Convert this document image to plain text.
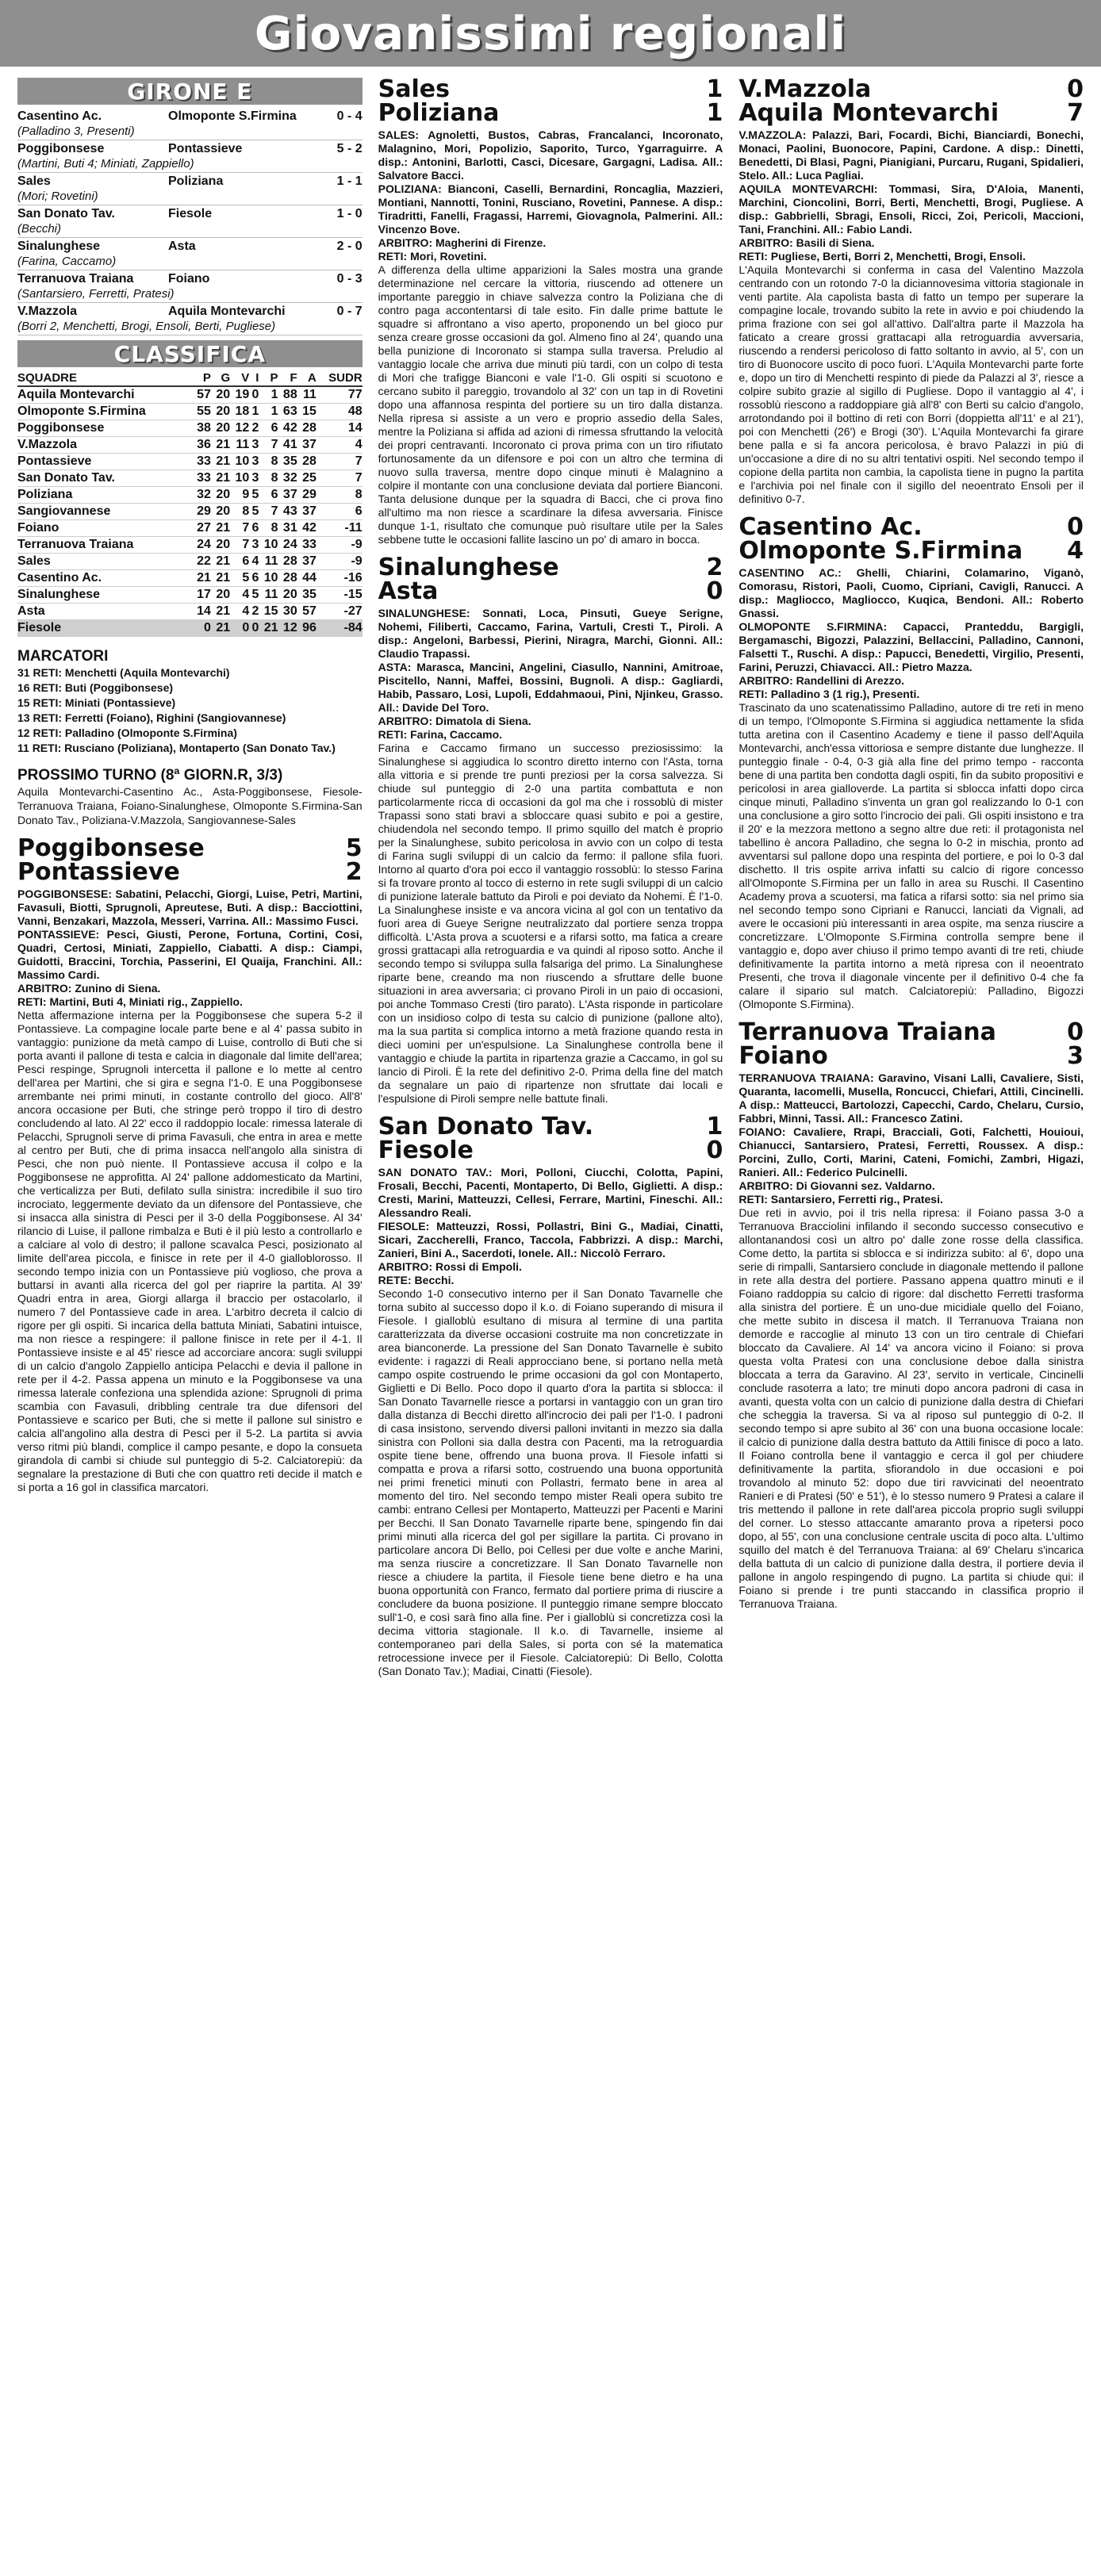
Giovanissimi regionali
GIRONE E
Casentino Ac.	Olmoponte S.Firmina	0 - 4
(Palladino 3, Presenti)
Poggibonsese	Pontassieve	5 - 2
(Martini, Buti 4; Miniati, Zappiello)
Sales	Poliziana	1 - 1
(Mori; Rovetini)
San Donato Tav.	Fiesole	1 - 0
(Becchi)
Sinalunghese	Asta	2 - 0
(Farina, Caccamo)
Terranuova Traiana	Foiano	0 - 3
(Santarsiero, Ferretti, Pratesi)
V.Mazzola	Aquila Montevarchi	0 - 7
(Borri 2, Menchetti, Brogi, Ensoli, Berti, Pugliese)
CLASSIFICA
SQUADRE	P	G	V	I	P	F	A	SUDR
Aquila Montevarchi	57	20	19	0	1	88	11	77
Olmoponte S.Firmina	55	20	18	1	1	63	15	48
Poggibonsese	38	20	12	2	6	42	28	14
V.Mazzola	36	21	11	3	7	41	37	4
Pontassieve	33	21	10	3	8	35	28	7
San Donato Tav.	33	21	10	3	8	32	25	7
Poliziana	32	20	9	5	6	37	29	8
Sangiovannese	29	20	8	5	7	43	37	6
Foiano	27	21	7	6	8	31	42	-11
Terranuova Traiana	24	20	7	3	10	24	33	-9
Sales	22	21	6	4	11	28	37	-9
Casentino Ac.	21	21	5	6	10	28	44	-16
Sinalunghese	17	20	4	5	11	20	35	-15
Asta	14	21	4	2	15	30	57	-27
Fiesole	0	21	0	0	21	12	96	-84
MARCATORI

31 RETI: Menchetti (Aquila Montevarchi)

16 RETI: Buti (Poggibonsese)

15 RETI: Miniati (Pontassieve)

13 RETI: Ferretti (Foiano), Righini (Sangiovannese)

12 RETI: Palladino (Olmoponte S.Firmina)

11 RETI: Rusciano (Poliziana), Montaperto (San Donato Tav.)

PROSSIMO TURNO (8ª GIORN.R, 3/3)

Aquila Montevarchi-Casentino Ac., Asta-Poggibonsese, Fiesole-Terranuova Traiana, Foiano-Sinalunghese, Olmoponte S.Firmina-San Donato Tav., Poliziana-V.Mazzola, Sangiovannese-Sales

Poggibonsese	5
Pontassieve	2

POGGIBONSESE: Sabatini, Pelacchi, Giorgi, Luise, Petri, Martini, Favasuli, Biotti, Sprugnoli, Apreutese, Buti. A disp.: Bacciottini, Vanni, Benzakari, Mazzola, Messeri, Varrina. All.: Massimo Fusci.

PONTASSIEVE: Pesci, Giusti, Perone, Fortuna, Cortini, Cosi, Quadri, Certosi, Miniati, Zappiello, Ciabatti. A disp.: Ciampi, Guidotti, Braccini, Torchia, Passerini, El Quaija, Franchini. All.: Massimo Cardi.

ARBITRO: Zunino di Siena.

RETI: Martini, Buti 4, Miniati rig., Zappiello.

Netta affermazione interna per la Poggibonsese che supera 5-2 il Pontassieve. La compagine locale parte bene e al 4' passa subito in vantaggio: punizione da metà campo di Luise, controllo di Buti che si porta avanti il pallone di testa e calcia in diagonale dal limite dell'area; Pesci respinge, Sprugnoli intercetta il pallone e lo mette al centro dell'area per Martini, che si gira e segna l'1-0. E una Poggibonsese arrembante nei primi minuti, in costante controllo del gioco. All'8' ancora occasione per Buti, che stringe però troppo il tiro di destro concludendo al lato. Al 22' ecco il raddoppio locale: rimessa laterale di Pelacchi, Sprugnoli serve di prima Favasuli, che entra in area e mette al centro per Buti, che di prima insacca nell'angolo alla sinistra di Pesci, che non può niente. Il Pontassieve accusa il colpo e la Poggibonsese ne approfitta. Al 24' pallone addomesticato da Martini, che verticalizza per Buti, defilato sulla sinistra: incredibile il suo tiro incrociato, leggermente deviato da un difensore del Pontassieve, che si insacca alla sinistra di Pesci per il 3-0 della Poggibonsese. Al 34' rilancio di Luise, il pallone rimbalza e Buti è il più lesto a controllarlo e a calciare al volo di destro; il pallone scavalca Pesci, posizionato al limite dell'area piccola, e finisce in rete per il 4-0 gialloblorosso. Il secondo tempo inizia con un Pontassieve più voglioso, che prova a buttarsi in avanti alla ricerca del gol per riaprire la partita. Al 39' Quadri entra in area, Giorgi allarga il braccio per ostacolarlo, il numero 7 del Pontassieve cade in area. L'arbitro decreta il calcio di rigore per gli ospiti. Si incarica della battuta Miniati, Sabatini intuisce, ma non riesce a respingere: il pallone finisce in rete per il 4-1. Il Pontassieve insiste e al 45' riesce ad accorciare ancora: sugli sviluppi di un calcio d'angolo Zappiello anticipa Pelacchi e devia il pallone in rete per il 4-2. Passa appena un minuto e la Poggibonsese va una rimessa laterale confeziona una splendida azione: Sprugnoli di prima scambia con Favasuli, dribbling centrale tra due difensori del Pontassieve e scarico per Buti, che si mette il pallone sul sinistro e calcia all'angolino alla destra di Pesci per il 5-2. La partita si avvia verso ritmi più blandi, complice il campo pesante, e dopo la consueta girandola di cambi si chiude sul punteggio di 5-2. Calciatorepiù: da segnalare la prestazione di Buti che con quattro reti decide il match e si porta a 16 gol in classifica marcatori.

Sales	1
Poliziana	1

SALES: Agnoletti, Bustos, Cabras, Francalanci, Incoronato, Malagnino, Mori, Popolizio, Saporito, Turco, Ygarraguirre. A disp.: Antonini, Barlotti, Casci, Dicesare, Gargagni, Ladisa. All.: Salvatore Bacci.

POLIZIANA: Bianconi, Caselli, Bernardini, Roncaglia, Mazzieri, Montiani, Nannotti, Tonini, Rusciano, Rovetini, Pannese. A disp.: Tiradritti, Fanelli, Fragassi, Harremi, Giovagnola, Palmerini. All.: Vincenzo Bove.

ARBITRO: Magherini di Firenze.

RETI: Mori, Rovetini.

A differenza della ultime apparizioni la Sales mostra una grande determinazione nel cercare la vittoria, riuscendo ad ottenere un importante pareggio in chiave salvezza contro la Poliziana che di contro paga accontentarsi di tale esito. Fin dalle prime battute le squadre si affrontano a viso aperto, proponendo un bel gioco pur senza creare grosse occasioni da gol. Almeno fino al 24', quando una bella punizione di Incoronato si stampa sulla traversa. Preludio al vantaggio locale che arriva due minuti più tardi, con un colpo di testa di Mori che trafigge Bianconi e vale l'1-0. Gli ospiti si scuotono e cercano subito il pareggio, trovandolo al 32' con un tap in di Rovetini dopo una affannosa respinta del portiere su un tiro dalla distanza. Nella ripresa si assiste a un vero e proprio assedio della Sales, mentre la Poliziana si affida ad azioni di rimessa sfruttando la velocità dei propri centravanti. Incoronato ci prova prima con un tiro rifiutato fortunosamente da un difensore e poi con un altro che termina di nuovo sulla traversa, mentre dopo cinque minuti è Malagnino a colpire il montante con una conclusione deviata dal portiere Bianconi. Tanta delusione dunque per la squadra di Bacci, che ci prova fino all'ultimo ma non riesce a scardinare la difesa avversaria. Finisce dunque 1-1, risultato che comunque può risultare utile per la Sales sebbene tutte le occasioni fallite lascino un po' di amaro in bocca.

Sinalunghese	2
Asta	0

SINALUNGHESE: Sonnati, Loca, Pinsuti, Gueye Serigne, Nohemi, Filiberti, Caccamo, Farina, Vartuli, Cresti T., Piroli. A disp.: Angeloni, Barbessi, Pierini, Niragra, Marchi, Gionni. All.: Claudio Trapassi.

ASTA: Marasca, Mancini, Angelini, Ciasullo, Nannini, Amitroae, Piscitello, Nanni, Maffei, Bossini, Bugnoli. A disp.: Gagliardi, Habib, Passaro, Losi, Lupoli, Eddahmaoui, Pini, Njinkeu, Grasso. All.: Davide Del Toro.

ARBITRO: Dimatola di Siena.

RETI: Farina, Caccamo.

Farina e Caccamo firmano un successo preziosissimo: la Sinalunghese si aggiudica lo scontro diretto interno con l'Asta, torna alla vittoria e si prende tre punti preziosi per la corsa salvezza. Si chiude sul punteggio di 2-0 una partita combattuta e non particolarmente ricca di occasioni da gol ma che i rossoblù di mister Trapassi sono stati bravi a sbloccare quasi subito e poi a gestire, chiudendola nel secondo tempo. Il primo squillo del match è proprio per la Sinalunghese, subito pericolosa in avvio con un colpo di testa di Farina sugli sviluppi di un calcio da fermo: il pallone sfila fuori. Intorno al quarto d'ora poi ecco il vantaggio rossoblù: lo stesso Farina si fa trovare pronto al tocco di esterno in rete sugli sviluppi di un calcio di punizione laterale battuto da Piroli e poi deviato da Nohemi. È l'1-0. La Sinalunghese insiste e va ancora vicina al gol con un tentativo da fuori area di Gueye Serigne neutralizzato dal portiere senza troppa difficoltà. L'Asta prova a scuotersi e a rifarsi sotto, ma fatica a creare grossi grattacapi alla retroguardia e va quindi al riposo sotto. Anche il secondo tempo si sviluppa sulla falsariga del primo. La Sinalunghese riparte bene, creando ma non riuscendo a sfruttare delle buone situazioni in area avversaria; ci provano Piroli in un paio di occasioni, poi anche Tommaso Cresti (tiro parato). L'Asta risponde in particolare con un insidioso colpo di testa su calcio di punizione (pallone alto), ma la sua partita si complica intorno a metà frazione quando resta in dieci uomini per un'espulsione. La Sinalunghese controlla bene il vantaggio e chiude la partita in ripartenza grazie a Caccamo, in gol su lancio di Piroli. È la rete del definitivo 2-0. Prima della fine del match da segnalare un paio di ripartenze non sfruttate dai locali e l'espulsione di Piroli sempre nelle battute finali.

San Donato Tav.	1
Fiesole	0

SAN DONATO TAV.: Mori, Polloni, Ciucchi, Colotta, Papini, Frosali, Becchi, Pacenti, Montaperto, Di Bello, Giglietti. A disp.: Cresti, Marini, Matteuzzi, Cellesi, Ferrare, Martini, Fineschi. All.: Alessandro Reali.

FIESOLE: Matteuzzi, Rossi, Pollastri, Bini G., Madiai, Cinatti, Sicari, Zaccherelli, Franco, Taccola, Fabbrizzi. A disp.: Marchi, Zanieri, Bini A., Sacerdoti, Ionele. All.: Niccolò Ferraro.

ARBITRO: Rossi di Empoli.

RETE: Becchi.

Secondo 1-0 consecutivo interno per il San Donato Tavarnelle che torna subito al successo dopo il k.o. di Foiano superando di misura il Fiesole. I gialloblù esultano di misura al termine di una partita caratterizzata da diverse occasioni costruite ma non concretizzate in area bianconerde. La pressione del San Donato Tavarnelle è subito evidente: i ragazzi di Reali approcciano bene, si portano nella metà campo ospite costruendo le prime occasioni da gol con Montaperto, Giglietti e Di Bello. Poco dopo il quarto d'ora la partita si sblocca: il San Donato Tavarnelle riesce a portarsi in vantaggio con un gran tiro dalla distanza di Becchi diretto all'incrocio dei pali per l'1-0. I padroni di casa insistono, servendo diversi palloni invitanti in mezzo sia dalla sinistra con Polloni sia dalla destra con Pacenti, ma la retroguardia ospite tiene bene, offrendo una buona prova. Il Fiesole infatti si compatta e prova a rifarsi sotto, costruendo una buona opportunità nei primi frenetici minuti con Pollastri, fermato bene in area al momento del tiro. Nel secondo tempo mister Reali opera subito tre cambi: entrano Cellesi per Montaperto, Matteuzzi per Pacenti e Marini per Becchi. Il San Donato Tavarnelle riparte bene, spingendo fin dai primi minuti alla ricerca del gol per sigillare la partita. Ci provano in particolare ancora Di Bello, poi Cellesi per due volte e anche Marini, ma senza riuscire a concretizzare. Il San Donato Tavarnelle non riesce a chiudere la partita, il Fiesole tiene bene dietro e ha una buona opportunità con Franco, fermato dal portiere prima di riuscire a concludere da buona posizione. Il punteggio rimane sempre bloccato sull'1-0, e così sarà fino alla fine. Per i gialloblù si concretizza così la decima vittoria stagionale. Il k.o. di Tavarnelle, insieme al contemporaneo pari della Sales, si porta con sé la matematica retrocessione invece per il Fiesole. Calciatorepiù: Di Bello, Colotta (San Donato Tav.); Madiai, Cinatti (Fiesole).

V.Mazzola	0
Aquila Montevarchi	7

V.MAZZOLA: Palazzi, Bari, Focardi, Bichi, Bianciardi, Bonechi, Monaci, Paolini, Buonocore, Papini, Cardone. A disp.: Dinetti, Benedetti, Di Blasi, Pagni, Pianigiani, Purcaru, Rugani, Spidalieri, Stelo. All.: Luca Pagliai.

AQUILA MONTEVARCHI: Tommasi, Sira, D'Aloia, Manenti, Marchini, Cioncolini, Borri, Berti, Menchetti, Brogi, Pugliese. A disp.: Gabbrielli, Sbragi, Ensoli, Ricci, Zoi, Pericoli, Maccioni, Tani, Franchini. All.: Fabio Landi.

ARBITRO: Basili di Siena.

RETI: Pugliese, Berti, Borri 2, Menchetti, Brogi, Ensoli.

L'Aquila Montevarchi si conferma in casa del Valentino Mazzola centrando con un rotondo 7-0 la diciannovesima vittoria stagionale in venti partite. Ala capolista basta di fatto un tempo per superare la compagine locale, trovando subito la rete in avvio e poi chiudendo la prima frazione con sei gol all'attivo. Dall'altra parte il Mazzola ha faticato a creare grossi grattacapi alla retroguardia avversaria, riuscendo a rendersi pericoloso di fatto soltanto in avvio, al 5', con un tiro di Buonocore uscito di poco fuori. L'Aquila Montevarchi parte forte e, dopo un tiro di Menchetti respinto di piede da Palazzi al 3', riesce a colpire subito grazie al sigillo di Pugliese. Dopo il vantaggio al 4', i rossoblù riescono a raddoppiare già all'8' con Berti su calcio d'angolo, arrotondando poi il bottino di reti con Borri (doppietta all'11' e al 21'), poi con Menchetti (26') e Brogi (30'). L'Aquila Montevarchi fa girare bene palla e si fa ancora pericolosa, è bravo Palazzi in più di un'occasione a dire di no su altri tentativi ospiti. Nel secondo tempo il copione della partita non cambia, la capolista tiene in pugno la partita e l'archivia poi nel finale con il sigillo del neoentrato Ensoli per il definitivo 0-7.

Casentino Ac.	0
Olmoponte S.Firmina 4

CASENTINO AC.: Ghelli, Chiarini, Colamarino, Viganò, Comorasu, Ristori, Paoli, Cuomo, Cipriani, Cavigli, Ranucci. A disp.: Magliocco, Magliocco, Kuqica, Bendoni. All.: Roberto Gnassi.

OLMOPONTE S.FIRMINA: Capacci, Pranteddu, Bargigli, Bergamaschi, Bigozzi, Palazzini, Bellaccini, Palladino, Cannoni, Falsetti T., Ruschi. A disp.: Papucci, Benedetti, Virgilio, Presenti, Farini, Peruzzi, Chiavacci. All.: Pietro Mazza.

ARBITRO: Randellini di Arezzo.

RETI: Palladino 3 (1 rig.), Presenti.

Trascinato da uno scatenatissimo Palladino, autore di tre reti in meno di un tempo, l'Olmoponte S.Firmina si aggiudica nettamente la sfida tutta aretina con il Casentino Academy e tiene il passo dell'Aquila Montevarchi, anch'essa vittoriosa e sempre distante due lunghezze. Il punteggio finale - 0-4, 0-3 già alla fine del primo tempo - racconta bene di una partita ben condotta dagli ospiti, fin da subito propositivi e pericolosi in area gialloverde. La partita si sblocca infatti dopo circa cinque minuti, Palladino s'inventa un gran gol realizzando lo 0-1 con una conclusione a giro sotto l'incrocio dei pali. Gli ospiti insistono e tra il 20' e la mezzora mettono a segno altre due reti: il protagonista nel tabellino è ancora Palladino, che segna lo 0-2 in mischia, pronto ad avventarsi sul pallone dopo una respinta del portiere, e poi lo 0-3 dal dischetto. Il tris ospite arriva infatti su calcio di rigore concesso all'Olmoponte S.Firmina per un fallo in area su Ruschi. Il Casentino Academy prova a scuotersi, ma fatica a rifarsi sotto: sia nel primo sia nel secondo tempo sono Cipriani e Ranucci, lanciati da Vignali, ad avere le occasioni più interessanti in area ospite, ma senza riuscire a concretizzare. L'Olmoponte S.Firmina controlla sempre bene il vantaggio e, dopo aver chiuso il primo tempo avanti di tre reti, chiude definitivamente la partita intorno a metà ripresa con il neoentrato Presenti, che trova il diagonale vincente per il definitivo 0-4 che fa calare il sipario sul match. Calciatorepiù: Palladino, Bigozzi (Olmoponte S.Firmina).

Terranuova Traiana	0
Foiano	3

TERRANUOVA TRAIANA: Garavino, Visani Lalli, Cavaliere, Sisti, Quaranta, Iacomelli, Musella, Roncucci, Chiefari, Attili, Cincinelli. A disp.: Matteucci, Bartolozzi, Capecchi, Cardo, Chelaru, Cursio, Fabbri, Minni, Tassi. All.: Francesco Zatini.

FOIANO: Cavaliere, Rrapi, Bracciali, Goti, Falchetti, Houioui, Chianucci, Santarsiero, Pratesi, Ferretti, Roussex. A disp.: Porcini, Zullo, Corti, Marini, Cateni, Fomichi, Zambri, Higazi, Ranieri. All.: Federico Pulcinelli.

ARBITRO: Di Giovanni sez. Valdarno.

RETI: Santarsiero, Ferretti rig., Pratesi.

Due reti in avvio, poi il tris nella ripresa: il Foiano passa 3-0 a Terranuova Bracciolini infilando il secondo successo consecutivo e allontanandosi così un altro po' dalle zone rosse della classifica. Come detto, la partita si sblocca e si indirizza subito: al 6', dopo una serie di rimpalli, Santarsiero conclude in diagonale mettendo il pallone in rete alla destra del portiere. Passano appena quattro minuti e il Foiano raddoppia su calcio di rigore: dal dischetto Ferretti trasforma alla sinistra del portiere. È un uno-due micidiale quello del Foiano, che mette subito in discesa il match. Il Terranuova Traiana non demorde e raccoglie al minuto 13 con un tiro centrale di Chiefari bloccato da Cavaliere. Al 14' va ancora vicino il Foiano: si prova questa volta Pratesi con una conclusione deboe dalla sinistra bloccata a terra da Garavino. Al 23', servito in verticale, Cincinelli conclude rasoterra a lato; tre minuti dopo ancora padroni di casa in avanti, questa volta con un calcio di punizione dalla destra di Chiefari che scheggia la traversa. Si va al riposo sul punteggio di 0-2. Il secondo tempo si apre subito al 36' con una buona occasione locale: il calcio di punizione dalla destra battuto da Attili finisce di poco a lato. Il Foiano controlla bene il vantaggio e cerca il gol per chiudere definitivamente la partita, sfiorandolo in due occasioni e poi trovandolo al minuto 52: dopo due tiri ravvicinati del neoentrato Ranieri e di Pratesi (50' e 51'), è lo stesso numero 9 Pratesi a calare il tris mettendo il pallone in rete dall'area piccola proprio sugli sviluppi del corner. Lo stesso attaccante amaranto prova a ripetersi poco dopo, al 55', con una conclusione centrale uscita di poco alta. L'ultimo squillo del match è del Terranuova Traiana: al 69' Chelaru s'incarica della battuta di un calcio di punizione dalla destra, il portiere devia il pallone in angolo respingendo di pugno. La partita si chiude qui: il Foiano si prende i tre punti staccando in classifica proprio il Terranuova Traiana.
